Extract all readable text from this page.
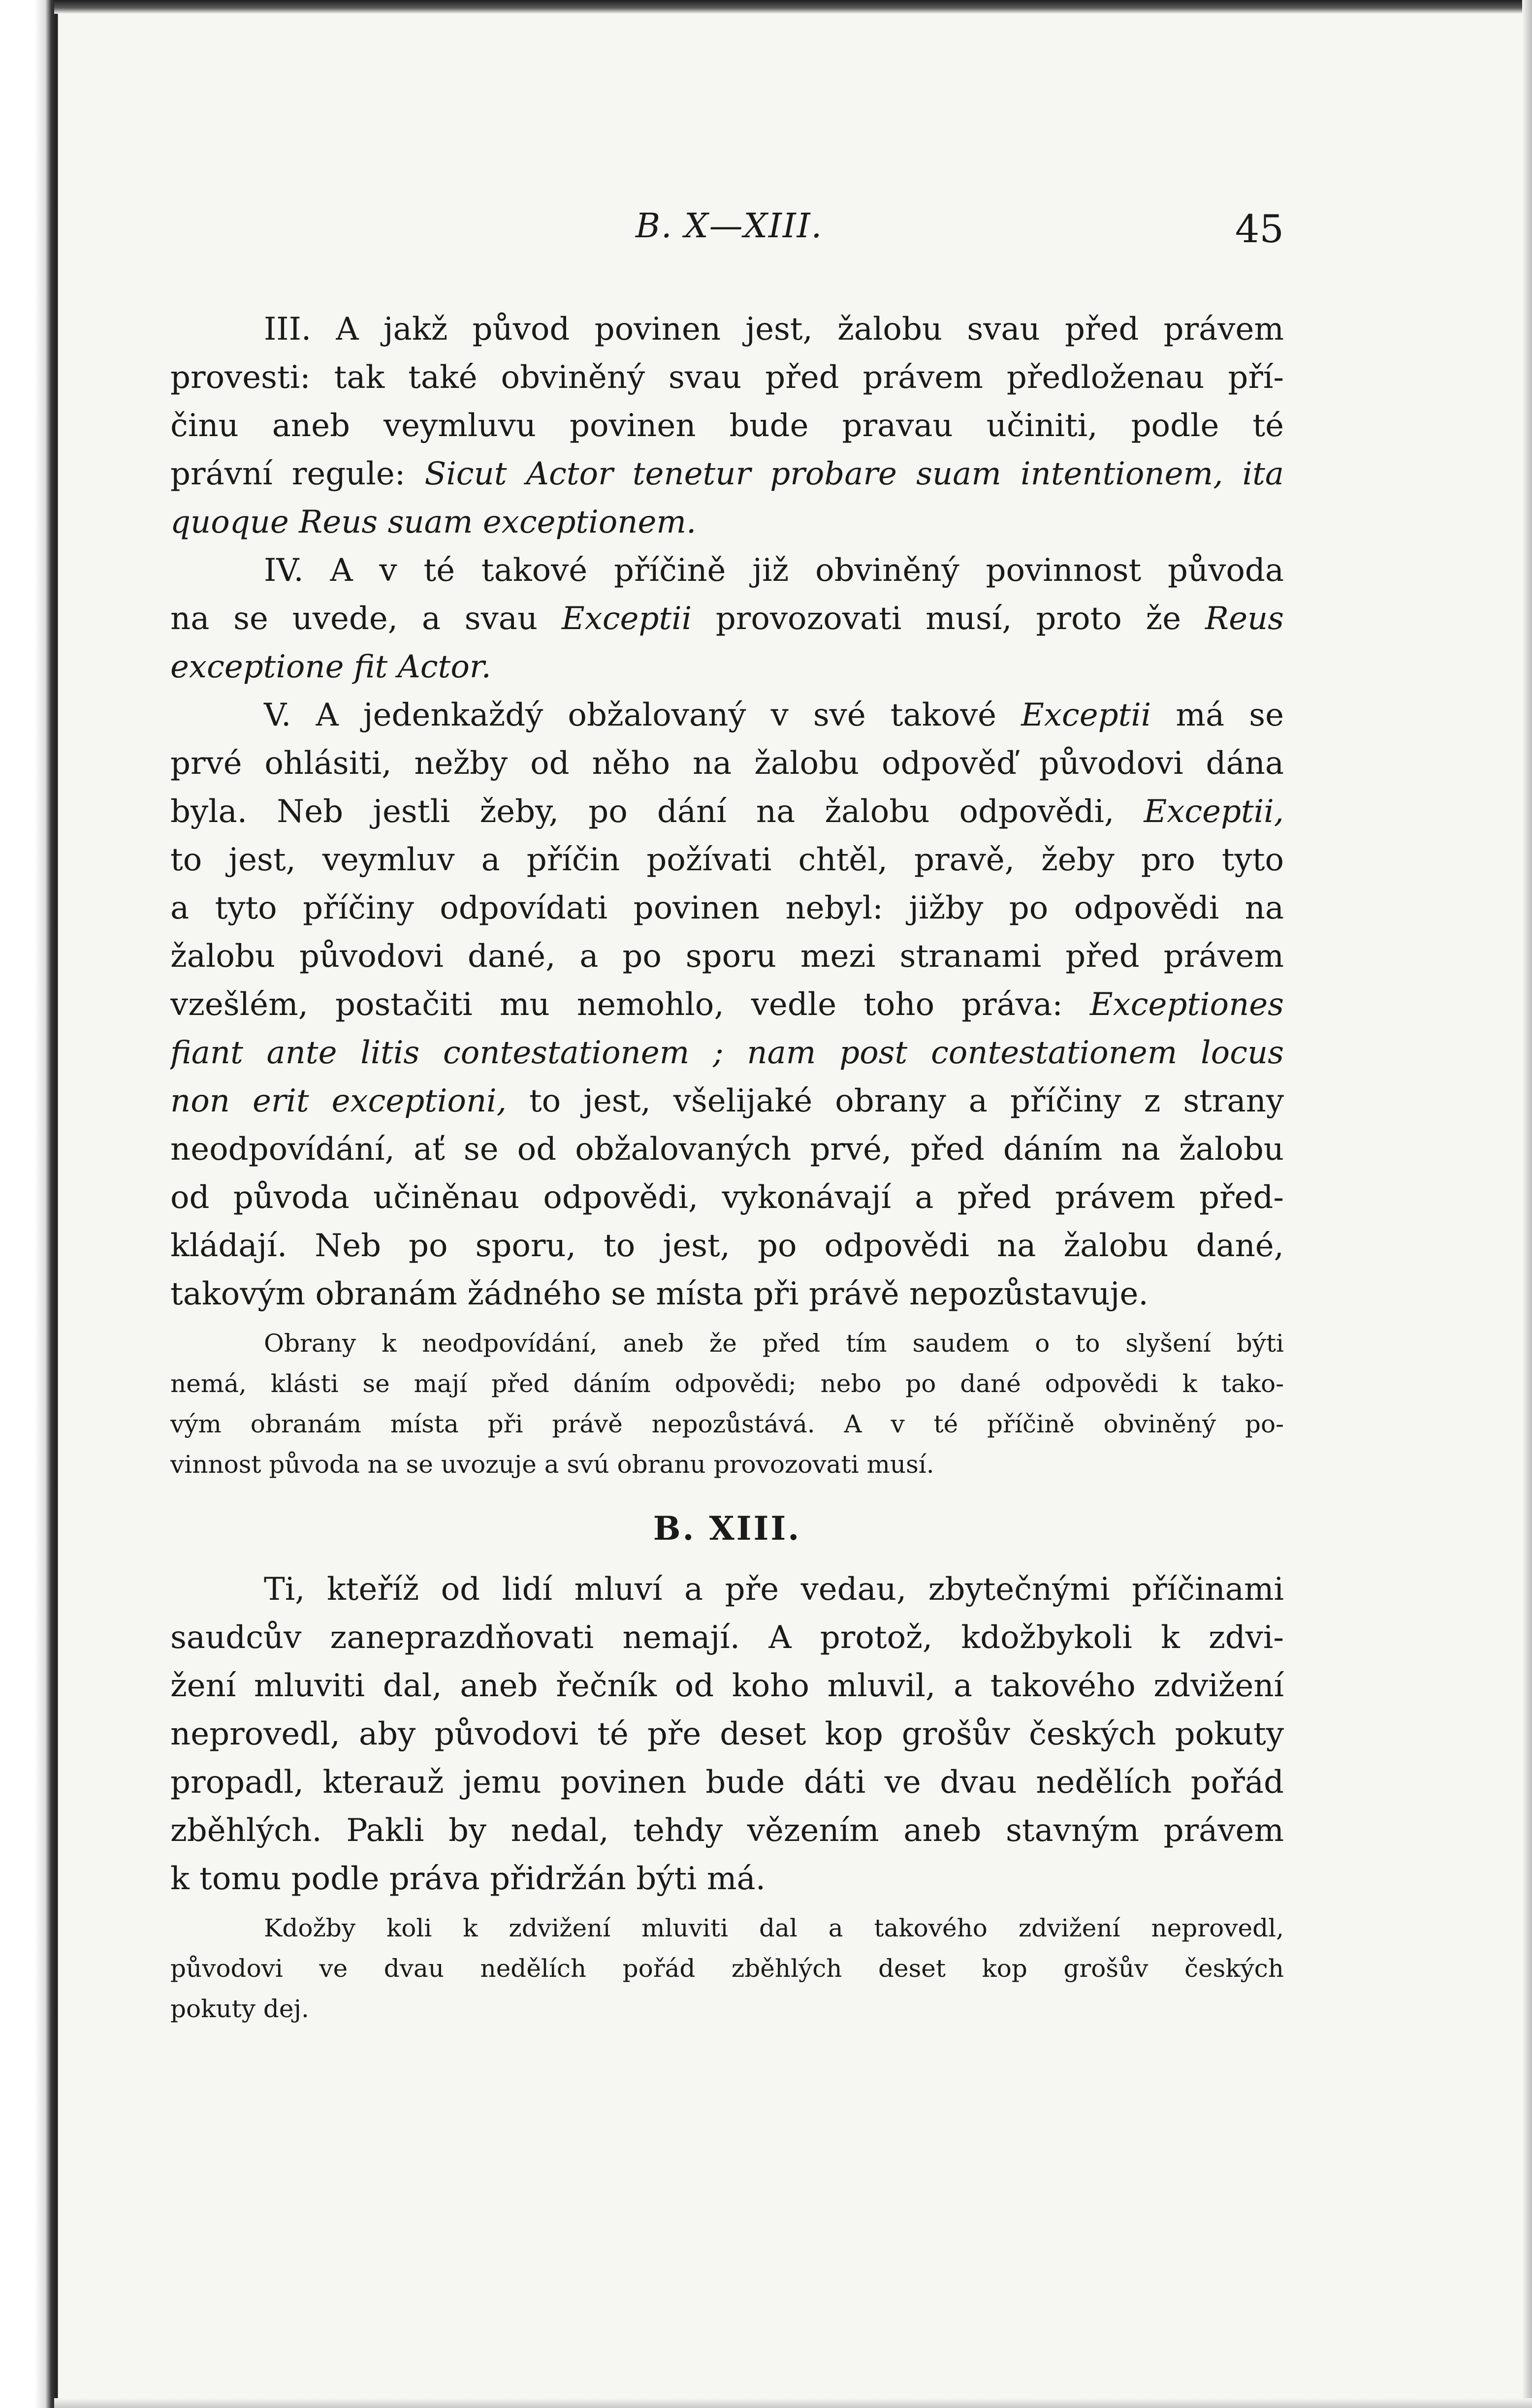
B. X—XIII.	45
III. A jakž původ povinen jest, žalobu svau před právem
provesti: tak také obviněný svau před právem předloženau pří-
činu aneb veymluvu povinen bude pravau učiniti, podle té
právní regule: Sicut Actor tenetur probare suam intentionem, ita
quoque Reus suam exceptionem.
IV. A v té takové příčině již obviněný povinnost původa
na se uvede, a svau Exceptii provozovati musí, proto že Reus
exceptione fit Actor.
V. A jedenkaždý obžalovaný v své takové Exceptii má se
prvé ohlásiti, nežby od něho na žalobu odpověď původovi dána
byla. Neb jestli žeby, po dání na žalobu odpovědi, Exceptii,
to jest, veymluv a příčin požívati chtěl, pravě, žeby pro tyto
a tyto příčiny odpovídati povinen nebyl: jižby po odpovědi na
žalobu původovi dané, a po sporu mezi stranami před právem
vzešlém, postačiti mu nemohlo, vedle toho práva: Exceptiones
fiant ante litis contestationem ; nam post contestationem locus
non erit exceptioni, to jest, všelijaké obrany a příčiny z strany
neodpovídání, ať se od obžalovaných prvé, před dáním na žalobu
od původa učiněnau odpovědi, vykonávají a před právem před-
kládají. Neb po sporu, to jest, po odpovědi na žalobu dané,
takovým obranám žádného se místa při právě nepozůstavuje.
Obrany k neodpovídání, aneb že před tím saudem o to slyšení býti
nemá, klásti se mají před dáním odpovědi; nebo po dané odpovědi k tako-
vým obranám místa při právě nepozůstává. A v té příčině obviněný po-
vinnost původa na se uvozuje a svú obranu provozovati musí.
B. XIII.
Ti, kteříž od lidí mluví a pře vedau, zbytečnými příčinami
saudcův zaneprazdňovati nemají. A protož, kdožbykoli k zdvi-
žení mluviti dal, aneb řečník od koho mluvil, a takového zdvižení
neprovedl, aby původovi té pře deset kop grošův českých pokuty
propadl, kterauž jemu povinen bude dáti ve dvau nedělích pořád
zběhlých. Pakli by nedal, tehdy vězením aneb stavným právem
k tomu podle práva přidržán býti má.
Kdožby koli k zdvižení mluviti dal a takového zdvižení neprovedl,
původovi ve dvau nedělích pořád zběhlých deset kop grošův českých
pokuty dej.
